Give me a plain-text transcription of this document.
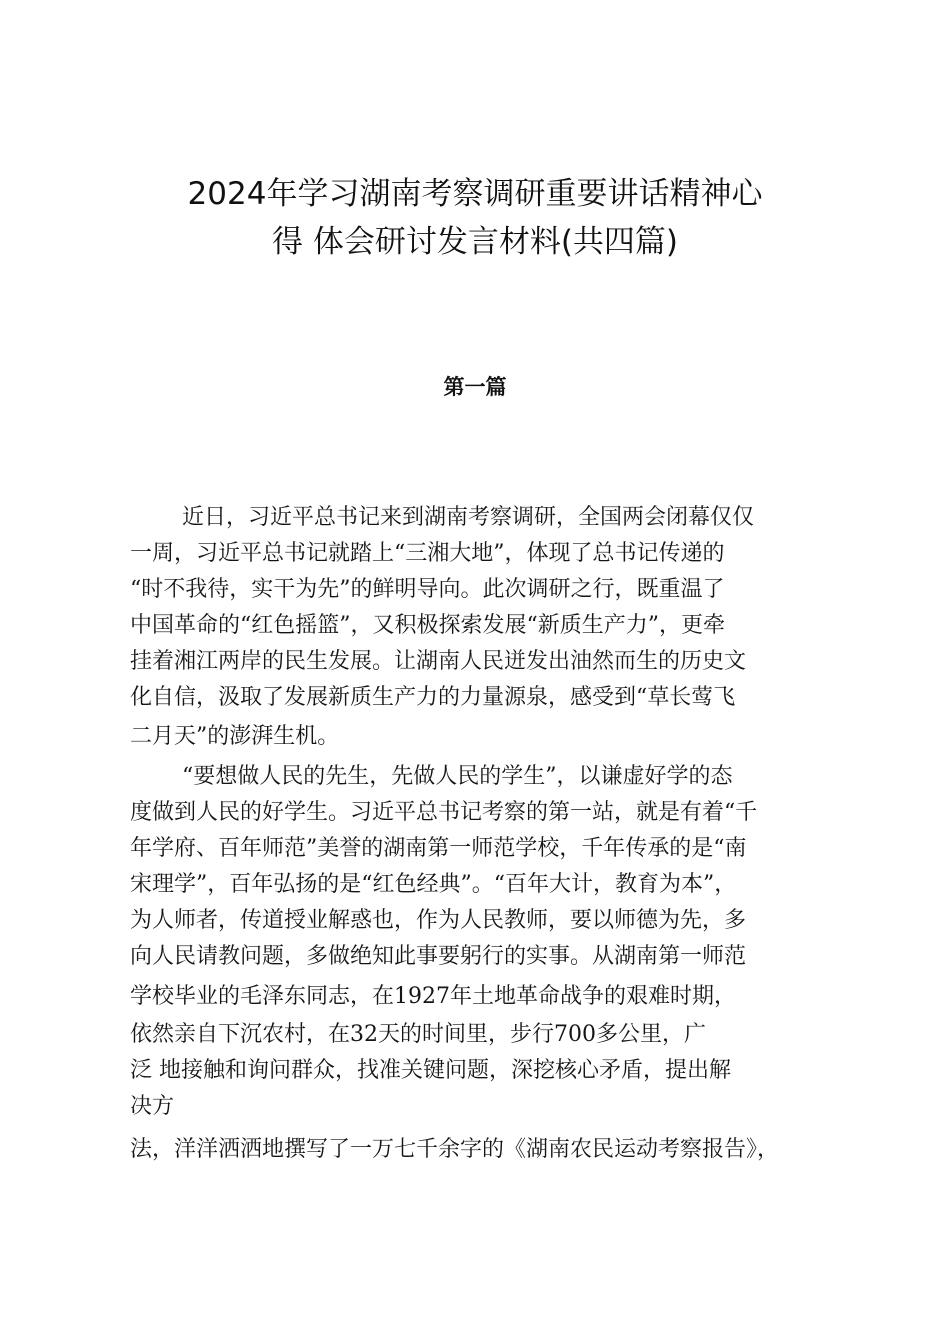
2024年学习湖南考察调研重要讲话精神心
得 体会研讨发言材料(共四篇)
第一篇
近日，习近平总书记来到湖南考察调研，全国两会闭幕仅仅
一周，习近平总书记就踏上“三湘大地”，体现了总书记传递的
“时不我待，实干为先”的鲜明导向。此次调研之行，既重温了
中国革命的“红色摇篮”，又积极探索发展“新质生产力”，更牵
挂着湘江两岸的民生发展。让湖南人民迸发出油然而生的历史文
化自信，汲取了发展新质生产力的力量源泉，感受到“草长莺飞
二月天”的澎湃生机。
“要想做人民的先生，先做人民的学生”，以谦虚好学的态
度做到人民的好学生。习近平总书记考察的第一站，就是有着“千
年学府、百年师范”美誉的湖南第一师范学校，千年传承的是“南
宋理学”，百年弘扬的是“红色经典”。“百年大计，教育为本”，
为人师者，传道授业解惑也，作为人民教师，要以师德为先，多
向人民请教问题，多做绝知此事要躬行的实事。从湖南第一师范
学校毕业的毛泽东同志，在1927年土地革命战争的艰难时期，
依然亲自下沉农村，在32天的时间里，步行700多公里，广
泛 地接触和询问群众，找准关键问题，深挖核心矛盾，提出解
决方
法，洋洋洒洒地撰写了一万七千余字的《湖南农民运动考察报告》，
